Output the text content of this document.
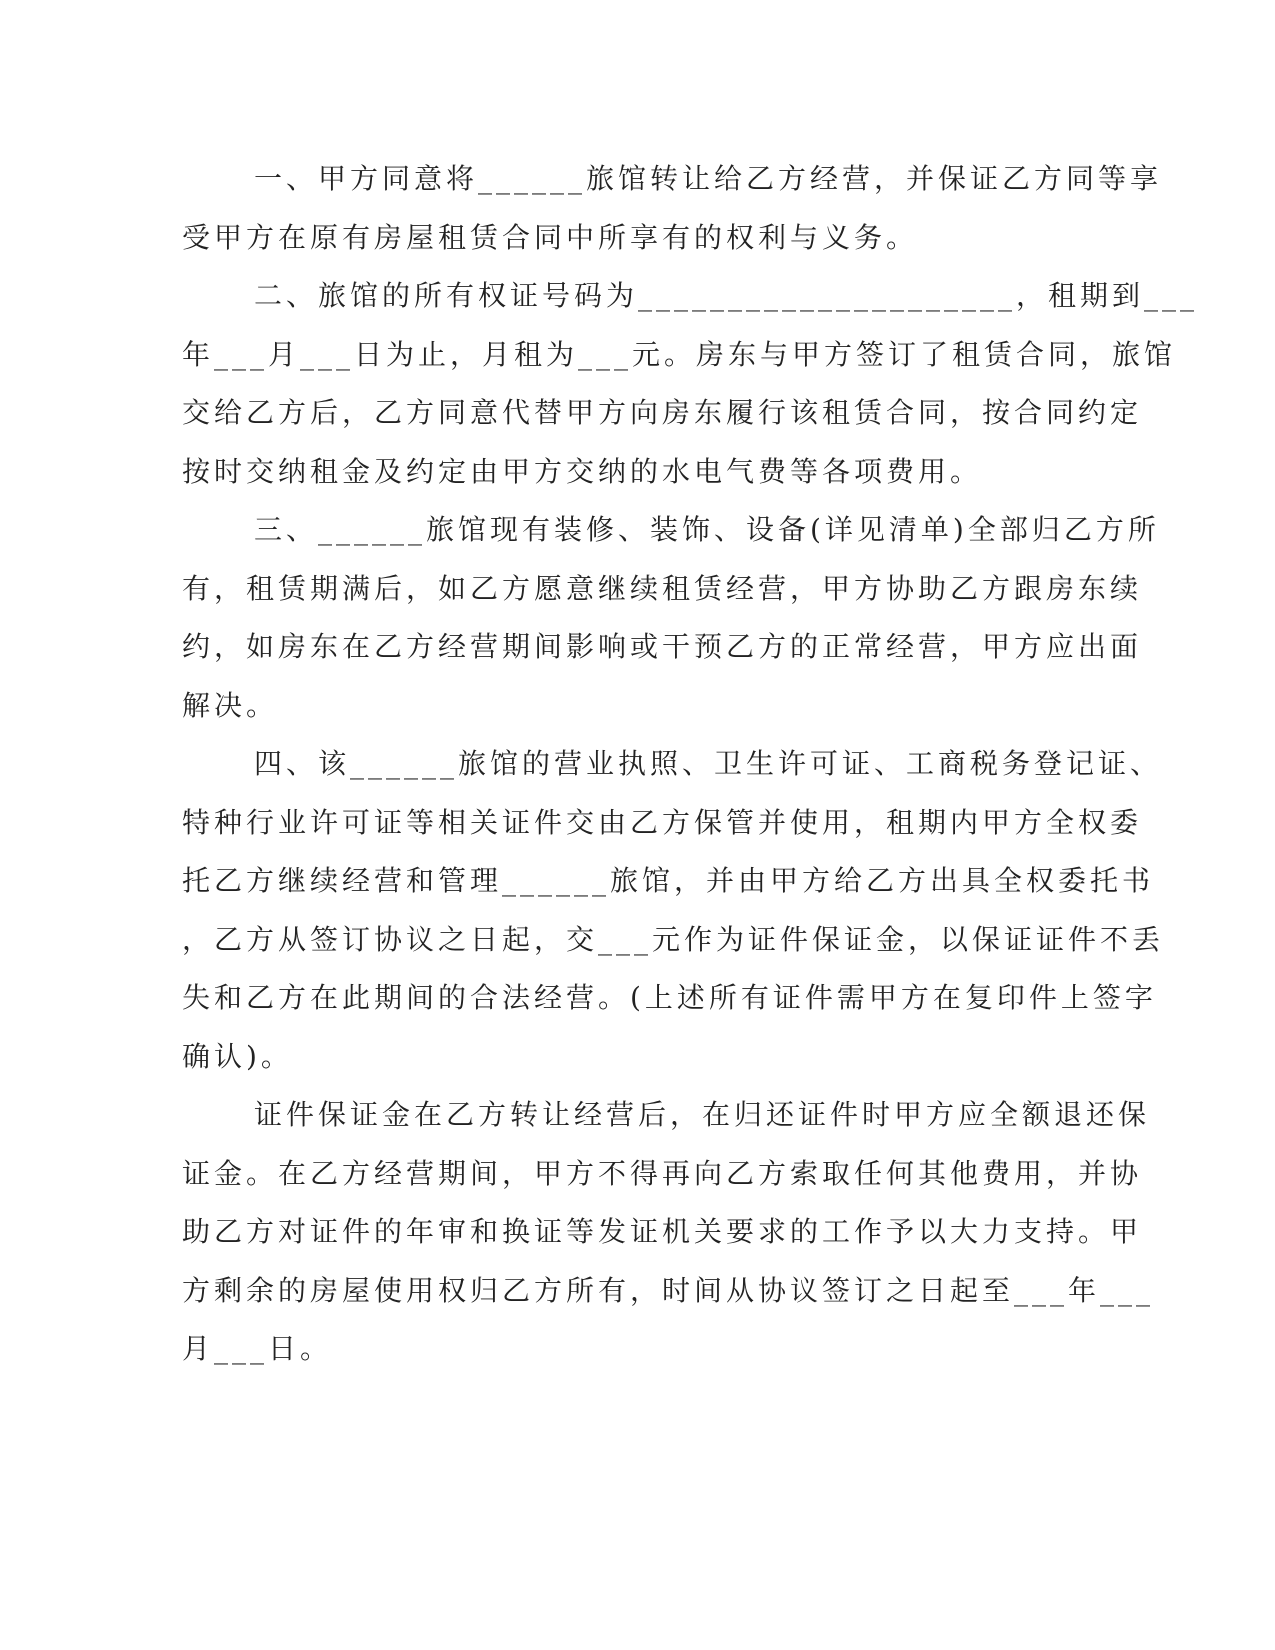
一、甲方同意将______旅馆转让给乙方经营，并保证乙方同等享
受甲方在原有房屋租赁合同中所享有的权利与义务。
二、旅馆的所有权证号码为_____________________，租期到___
年___月___日为止，月租为___元。房东与甲方签订了租赁合同，旅馆
交给乙方后，乙方同意代替甲方向房东履行该租赁合同，按合同约定
按时交纳租金及约定由甲方交纳的水电气费等各项费用。
三、______旅馆现有装修、装饰、设备(详见清单)全部归乙方所
有，租赁期满后，如乙方愿意继续租赁经营，甲方协助乙方跟房东续
约，如房东在乙方经营期间影响或干预乙方的正常经营，甲方应出面
解决。
四、该______旅馆的营业执照、卫生许可证、工商税务登记证、
特种行业许可证等相关证件交由乙方保管并使用，租期内甲方全权委
托乙方继续经营和管理______旅馆，并由甲方给乙方出具全权委托书
，乙方从签订协议之日起，交___元作为证件保证金，以保证证件不丢
失和乙方在此期间的合法经营。(上述所有证件需甲方在复印件上签字
确认)。
证件保证金在乙方转让经营后，在归还证件时甲方应全额退还保
证金。在乙方经营期间，甲方不得再向乙方索取任何其他费用，并协
助乙方对证件的年审和换证等发证机关要求的工作予以大力支持。甲
方剩余的房屋使用权归乙方所有，时间从协议签订之日起至___年___
月___日。
